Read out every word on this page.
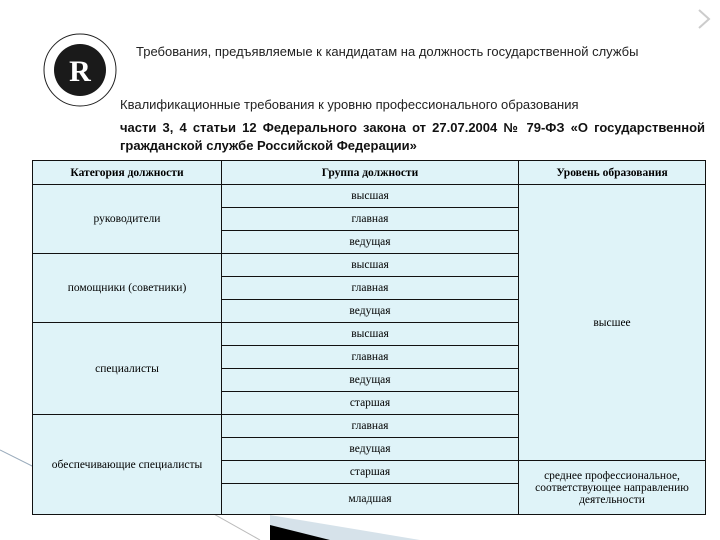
R
Требования, предъявляемые к кандидатам на должность государственной службы
Квалификационные требования к уровню профессионального образования
части 3, 4 статьи 12 Федерального закона от 27.07.2004 № 79-ФЗ «О государственной гражданской службе Российской Федерации»
Категория должности	Группа должности	Уровень образования
руководители	высшая	высшее
	главная	
	ведущая	
помощники (советники)	высшая	
	главная	
	ведущая	
специалисты	высшая	
	главная	
	ведущая	
	старшая	
обеспечивающие специалисты	главная	
	ведущая	
	старшая	среднее профессиональное, соответствующее направлению деятельности
	младшая	
